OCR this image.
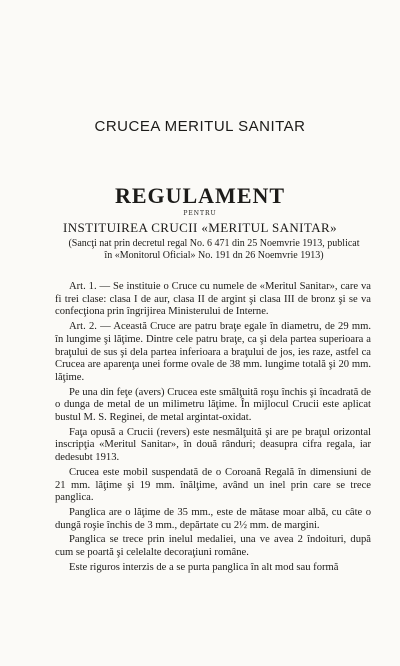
CRUCEA MERITUL SANITAR
REGULAMENT
PENTRU
INSTITUIREA CRUCII «MERITUL SANITAR»
(Sancţi nat prin decretul regal No. 6 471 din 25 Noemvrie 1913, publicat
în «Monitorul Oficial» No. 191 dn 26 Noemvrie 1913)

Art. 1. — Se instituie o Cruce cu numele de «Meritul Sanitar», care va fi trei clase: clasa I de aur, clasa II de argint şi clasa III de bronz şi se va confecţiona prin îngrijirea Ministerului de Interne.

Art. 2. — Această Cruce are patru braţe egale în diametru, de 29 mm. în lungime şi lăţime. Dintre cele patru braţe, ca şi dela partea superioara a braţului de sus şi dela partea inferioara a braţului de jos, ies raze, astfel ca Crucea are aparenţa unei forme ovale de 38 mm. lungime totală şi 20 mm. lăţime.

Pe una din feţe (avers) Crucea este smălţuită roşu închis şi încadrată de o dunga de metal de un milimetru lăţime. În mijlocul Crucii este aplicat bustul M. S. Reginei, de metal argintat-oxidat.

Faţa opusă a Crucii (revers) este nesmălţuită şi are pe braţul orizontal inscripţia «Meritul Sanitar», în două rânduri; deasupra cifra regala, iar dedesubt 1913.

Crucea este mobil suspendată de o Coroană Regală în dimensiuni de 21 mm. lăţime şi 19 mm. înălţime, având un inel prin care se trece panglica.

Panglica are o lăţime de 35 mm., este de mătase moar albă, cu câte o dungă roşie închis de 3 mm., depărtate cu 2½ mm. de margini.

Panglica se trece prin inelul medaliei, una ve avea 2 îndoituri, după cum se poartă şi celelalte decoraţiuni române.

Este riguros interzis de a se purta panglica în alt mod sau formă
